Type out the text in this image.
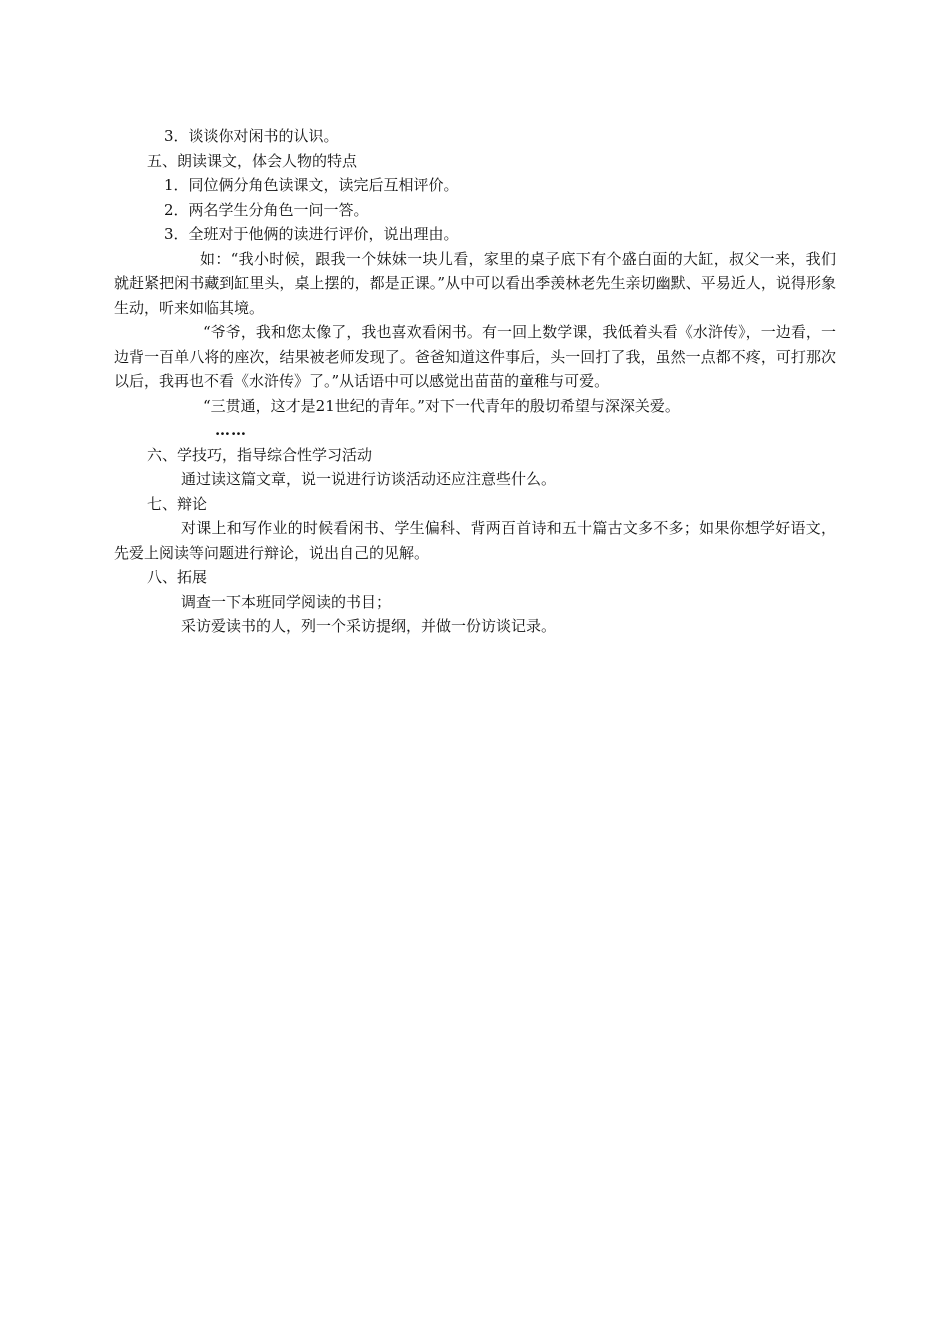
3．谈谈你对闲书的认识。

五、朗读课文，体会人物的特点

1．同位俩分角色读课文，读完后互相评价。

2．两名学生分角色一问一答。

3．全班对于他俩的读进行评价，说出理由。

如：“我小时候，跟我一个妹妹一块儿看，家里的桌子底下有个盛白面的大缸，叔父一来，我们就赶紧把闲书藏到缸里头，桌上摆的，都是正课。”从中可以看出季羡林老先生亲切幽默、平易近人，说得形象生动，听来如临其境。

“爷爷，我和您太像了，我也喜欢看闲书。有一回上数学课，我低着头看《水浒传》，一边看，一边背一百单八将的座次，结果被老师发现了。爸爸知道这件事后，头一回打了我，虽然一点都不疼，可打那次以后，我再也不看《水浒传》了。”从话语中可以感觉出苗苗的童稚与可爱。

“三贯通，这才是21世纪的青年。”对下一代青年的殷切希望与深深关爱。

……

六、学技巧，指导综合性学习活动

通过读这篇文章，说一说进行访谈活动还应注意些什么。

七、辩论

对课上和写作业的时候看闲书、学生偏科、背两百首诗和五十篇古文多不多；如果你想学好语文，先爱上阅读等问题进行辩论，说出自己的见解。

八、拓展

调查一下本班同学阅读的书目；

采访爱读书的人，列一个采访提纲，并做一份访谈记录。
